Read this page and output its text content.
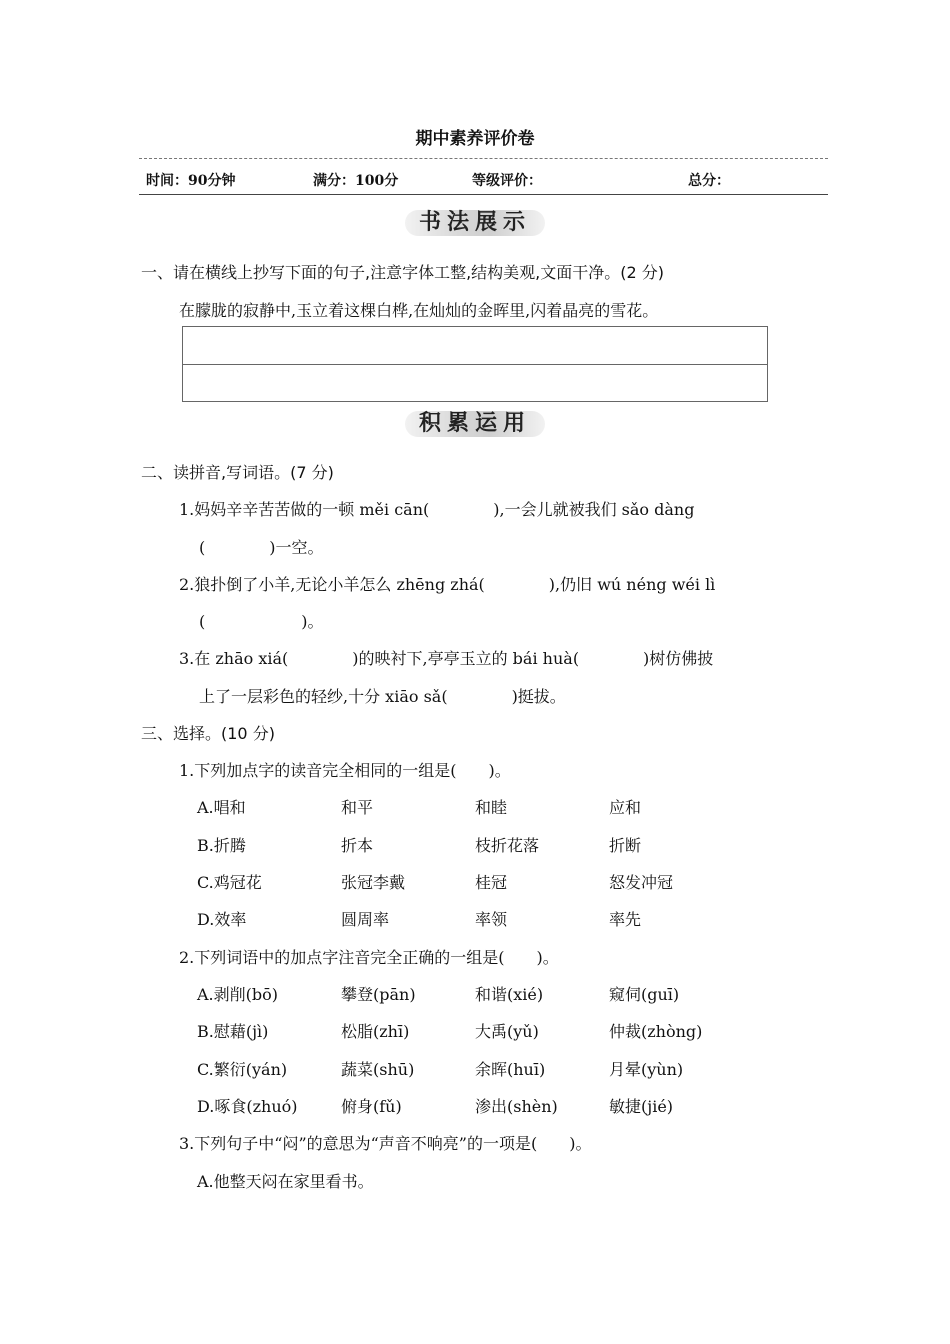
期中素养评价卷
时间：90分钟	满分：100分	等级评价：	总分：
书法展示
一、请在横线上抄写下面的句子,注意字体工整,结构美观,文面干净。(2 分)
在朦胧的寂静中,玉立着这棵白桦,在灿灿的金晖里,闪着晶亮的雪花。
积累运用
二、读拼音,写词语。(7 分)
1.妈妈辛辛苦苦做的一顿 měi cān(　　　　),一会儿就被我们 sǎo dàng
(　　　　)一空。
2.狼扑倒了小羊,无论小羊怎么 zhēng zhá(　　　　),仍旧 wú néng wéi lì
(　　　　　　)。
3.在 zhāo xiá(　　　　)的映衬下,亭亭玉立的 bái huà(　　　　)树仿佛披
上了一层彩色的轻纱,十分 xiāo sǎ(　　　　)挺拔。
三、选择。(10 分)
1.下列加点字的读音完全相同的一组是(　　)。
A.唱和	和平	和睦	应和
B.折腾	折本	枝折花落	折断
C.鸡冠花	张冠李戴	桂冠	怒发冲冠
D.效率	圆周率	率领	率先
2.下列词语中的加点字注音完全正确的一组是(　　)。
A.剥削(bō)	攀登(pān)	和谐(xié)	窥伺(guī)
B.慰藉(jì)	松脂(zhī)	大禹(yǔ)	仲裁(zhòng)
C.繁衍(yán)	蔬菜(shū)	余晖(huī)	月晕(yùn)
D.啄食(zhuó)	俯身(fǔ)	渗出(shèn)	敏捷(jié)
3.下列句子中“闷”的意思为“声音不响亮”的一项是(　　)。
A.他整天闷在家里看书。
